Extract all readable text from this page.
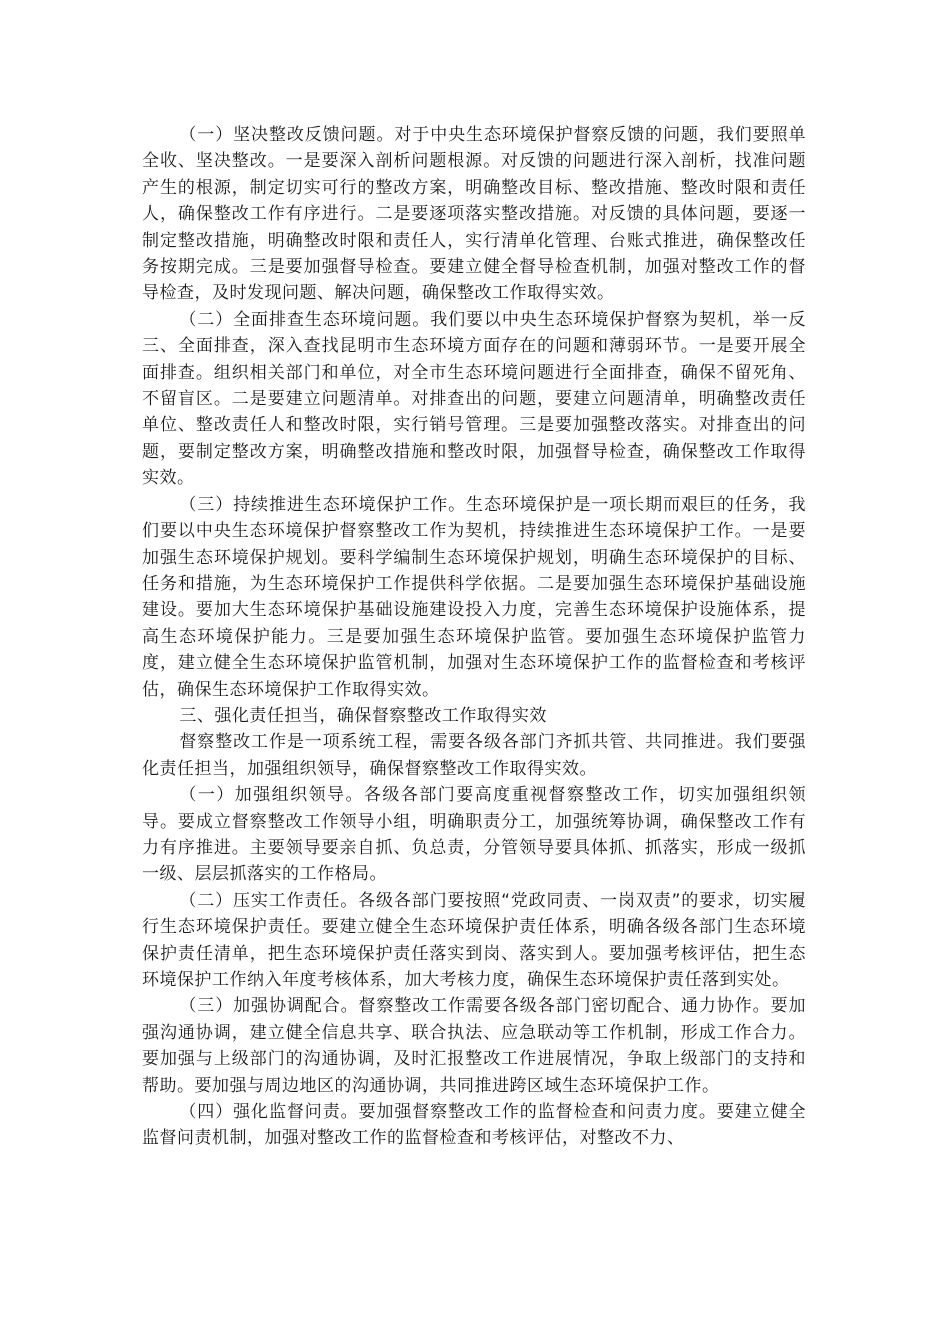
（一）坚决整改反馈问题。对于中央生态环境保护督察反馈的问题，我们要照单全收、坚决整改。一是要深入剖析问题根源。对反馈的问题进行深入剖析，找准问题产生的根源，制定切实可行的整改方案，明确整改目标、整改措施、整改时限和责任人，确保整改工作有序进行。二是要逐项落实整改措施。对反馈的具体问题，要逐一制定整改措施，明确整改时限和责任人，实行清单化管理、台账式推进，确保整改任务按期完成。三是要加强督导检查。要建立健全督导检查机制，加强对整改工作的督导检查，及时发现问题、解决问题，确保整改工作取得实效。

（二）全面排查生态环境问题。我们要以中央生态环境保护督察为契机，举一反三、全面排查，深入查找昆明市生态环境方面存在的问题和薄弱环节。一是要开展全面排查。组织相关部门和单位，对全市生态环境问题进行全面排查，确保不留死角、不留盲区。二是要建立问题清单。对排查出的问题，要建立问题清单，明确整改责任单位、整改责任人和整改时限，实行销号管理。三是要加强整改落实。对排查出的问题，要制定整改方案，明确整改措施和整改时限，加强督导检查，确保整改工作取得实效。

（三）持续推进生态环境保护工作。生态环境保护是一项长期而艰巨的任务，我们要以中央生态环境保护督察整改工作为契机，持续推进生态环境保护工作。一是要加强生态环境保护规划。要科学编制生态环境保护规划，明确生态环境保护的目标、任务和措施，为生态环境保护工作提供科学依据。二是要加强生态环境保护基础设施建设。要加大生态环境保护基础设施建设投入力度，完善生态环境保护设施体系，提高生态环境保护能力。三是要加强生态环境保护监管。要加强生态环境保护监管力度，建立健全生态环境保护监管机制，加强对生态环境保护工作的监督检查和考核评估，确保生态环境保护工作取得实效。

三、强化责任担当，确保督察整改工作取得实效

督察整改工作是一项系统工程，需要各级各部门齐抓共管、共同推进。我们要强化责任担当，加强组织领导，确保督察整改工作取得实效。

（一）加强组织领导。各级各部门要高度重视督察整改工作，切实加强组织领导。要成立督察整改工作领导小组，明确职责分工，加强统筹协调，确保整改工作有力有序推进。主要领导要亲自抓、负总责，分管领导要具体抓、抓落实，形成一级抓一级、层层抓落实的工作格局。

（二）压实工作责任。各级各部门要按照“党政同责、一岗双责”的要求，切实履行生态环境保护责任。要建立健全生态环境保护责任体系，明确各级各部门生态环境保护责任清单，把生态环境保护责任落实到岗、落实到人。要加强考核评估，把生态环境保护工作纳入年度考核体系，加大考核力度，确保生态环境保护责任落到实处。

（三）加强协调配合。督察整改工作需要各级各部门密切配合、通力协作。要加强沟通协调，建立健全信息共享、联合执法、应急联动等工作机制，形成工作合力。要加强与上级部门的沟通协调，及时汇报整改工作进展情况，争取上级部门的支持和帮助。要加强与周边地区的沟通协调，共同推进跨区域生态环境保护工作。

（四）强化监督问责。要加强督察整改工作的监督检查和问责力度。要建立健全监督问责机制，加强对整改工作的监督检查和考核评估，对整改不力、
